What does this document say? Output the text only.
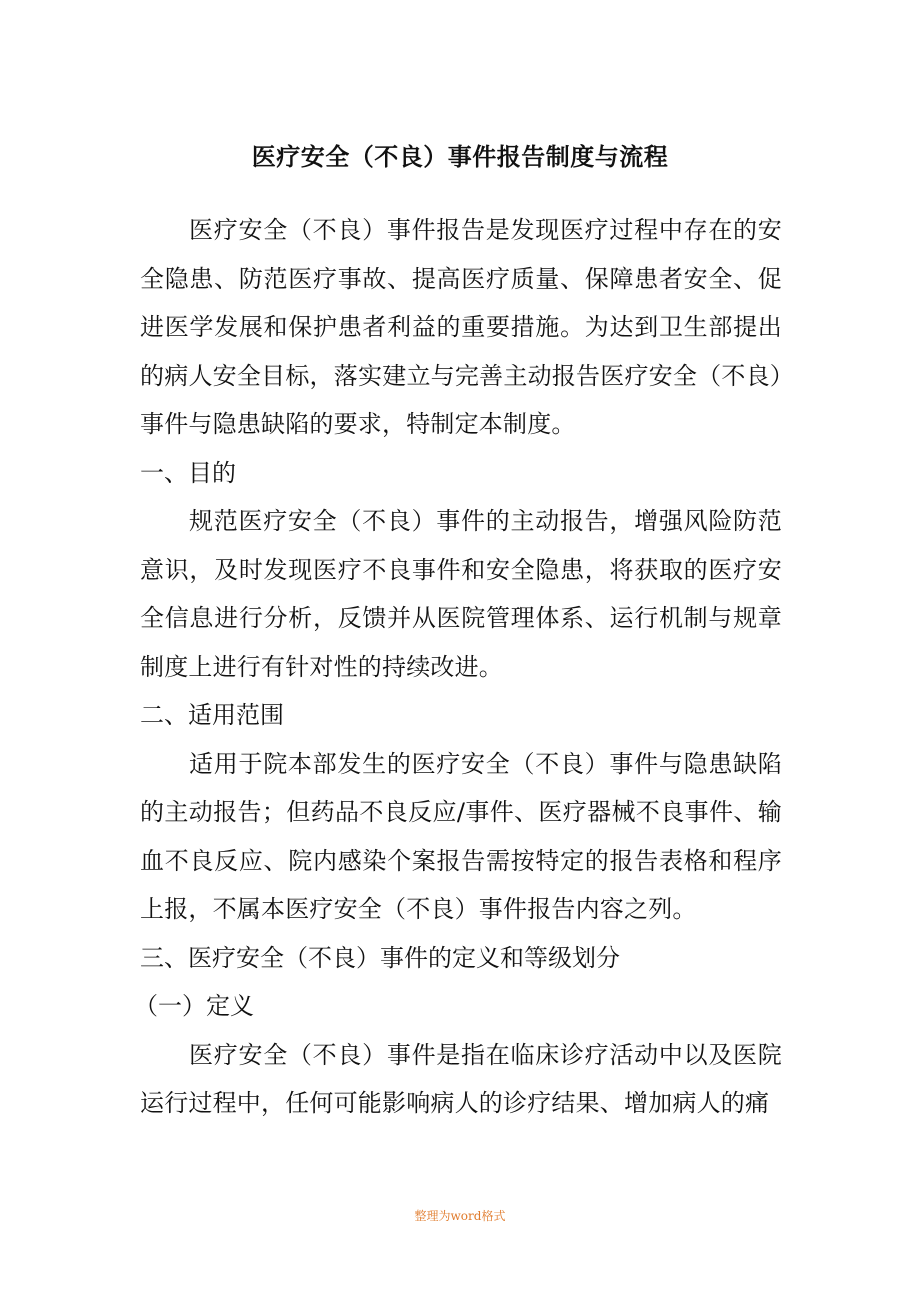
医疗安全（不良）事件报告制度与流程

医疗安全（不良）事件报告是发现医疗过程中存在的安全隐患、防范医疗事故、提高医疗质量、保障患者安全、促进医学发展和保护患者利益的重要措施。为达到卫生部提出的病人安全目标，落实建立与完善主动报告医疗安全（不良）事件与隐患缺陷的要求，特制定本制度。

一、目的

规范医疗安全（不良）事件的主动报告，增强风险防范意识，及时发现医疗不良事件和安全隐患，将获取的医疗安全信息进行分析，反馈并从医院管理体系、运行机制与规章制度上进行有针对性的持续改进。

二、适用范围

适用于院本部发生的医疗安全（不良）事件与隐患缺陷的主动报告；但药品不良反应/事件、医疗器械不良事件、输血不良反应、院内感染个案报告需按特定的报告表格和程序上报，不属本医疗安全（不良）事件报告内容之列。

三、医疗安全（不良）事件的定义和等级划分

（一）定义

医疗安全（不良）事件是指在临床诊疗活动中以及医院运行过程中，任何可能影响病人的诊疗结果、增加病人的痛

整理为word格式
